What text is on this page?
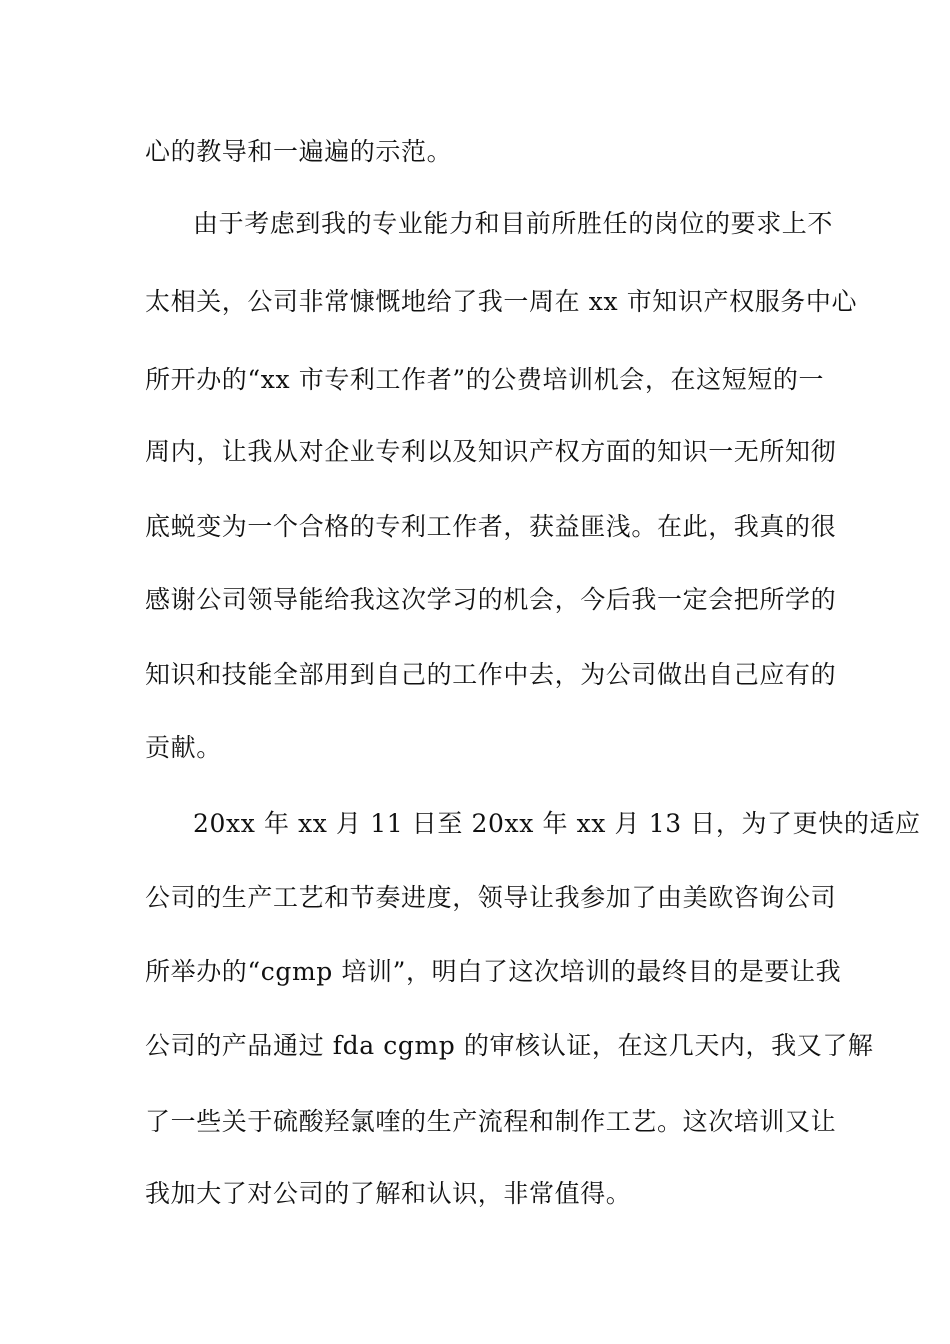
心的教导和一遍遍的示范。
由于考虑到我的专业能力和目前所胜任的岗位的要求上不
太相关，公司非常慷慨地给了我一周在 xx 市知识产权服务中心
所开办的“xx 市专利工作者”的公费培训机会，在这短短的一
周内，让我从对企业专利以及知识产权方面的知识一无所知彻
底蜕变为一个合格的专利工作者，获益匪浅。在此，我真的很
感谢公司领导能给我这次学习的机会，今后我一定会把所学的
知识和技能全部用到自己的工作中去，为公司做出自己应有的
贡献。
20xx 年 xx 月 11 日至 20xx 年 xx 月 13 日，为了更快的适应
公司的生产工艺和节奏进度，领导让我参加了由美欧咨询公司
所举办的“cgmp 培训”，明白了这次培训的最终目的是要让我
公司的产品通过 fda cgmp 的审核认证，在这几天内，我又了解
了一些关于硫酸羟氯喹的生产流程和制作工艺。这次培训又让
我加大了对公司的了解和认识，非常值得。
